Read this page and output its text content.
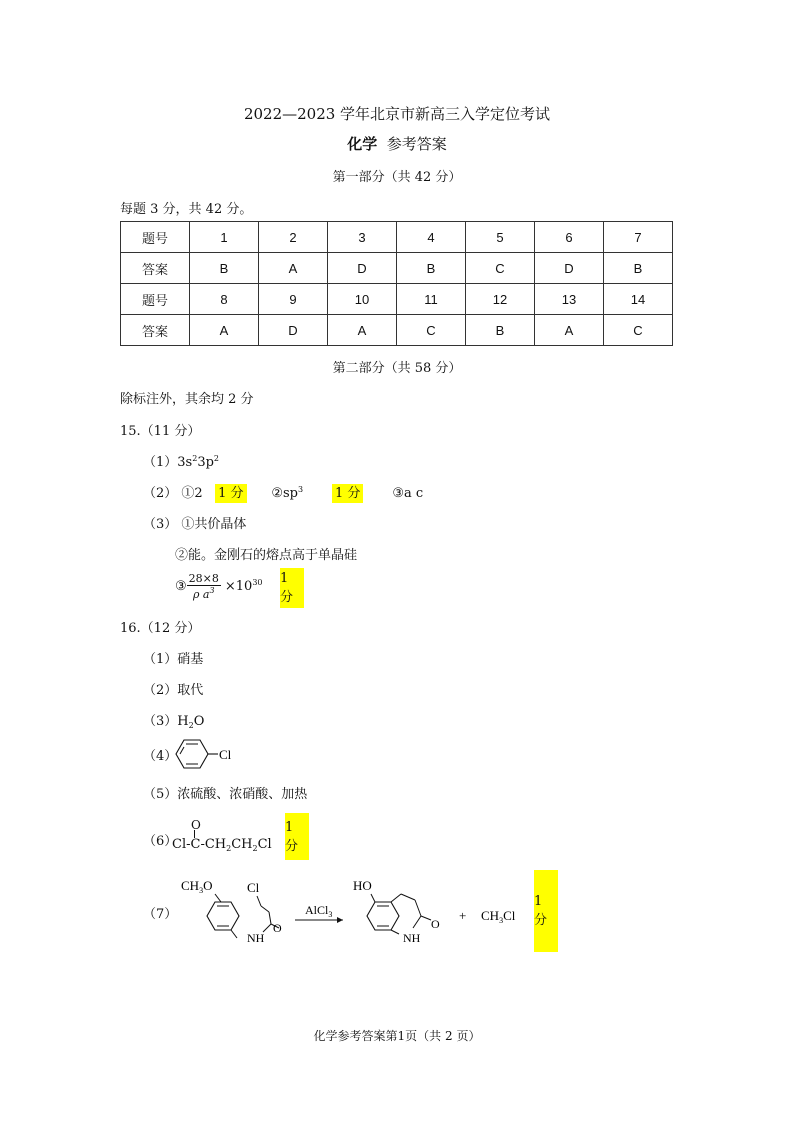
2022—2023 学年北京市新高三入学定位考试
化学 参考答案
第一部分（共 42 分）
每题 3 分，共 42 分。
题号	1	2	3	4	5	6	7
答案	B	A	D	B	C	D	B
题号	8	9	10	11	12	13	14
答案	A	D	A	C	B	A	C
第二部分（共 58 分）
除标注外，其余均 2 分
15.（11 分）
$(1)3s^23p^2$
（2） ①2 1 分 $②sp^3$ 1 分 ③a c
（3） ①共价晶体
②能。金刚石的熔点高于单晶硅
③ $\frac{28\times 8}{\rho a^3} \times 10^{30}$ 1 分
16.（12 分）
（1）硝基
（2）取代
$(3)H_2O$
（4）	Cl
（5）浓硫酸、浓硝酸、加热
（6）
O
$Cl-C-CH_2CH_2Cl$
1 分
（7）
$CH_3O$	Cl
O
NH
AlCl$_3$
HO
O
NH
+ $CH_3Cl$
1 分
化学参考答案第1页（共 2 页）
